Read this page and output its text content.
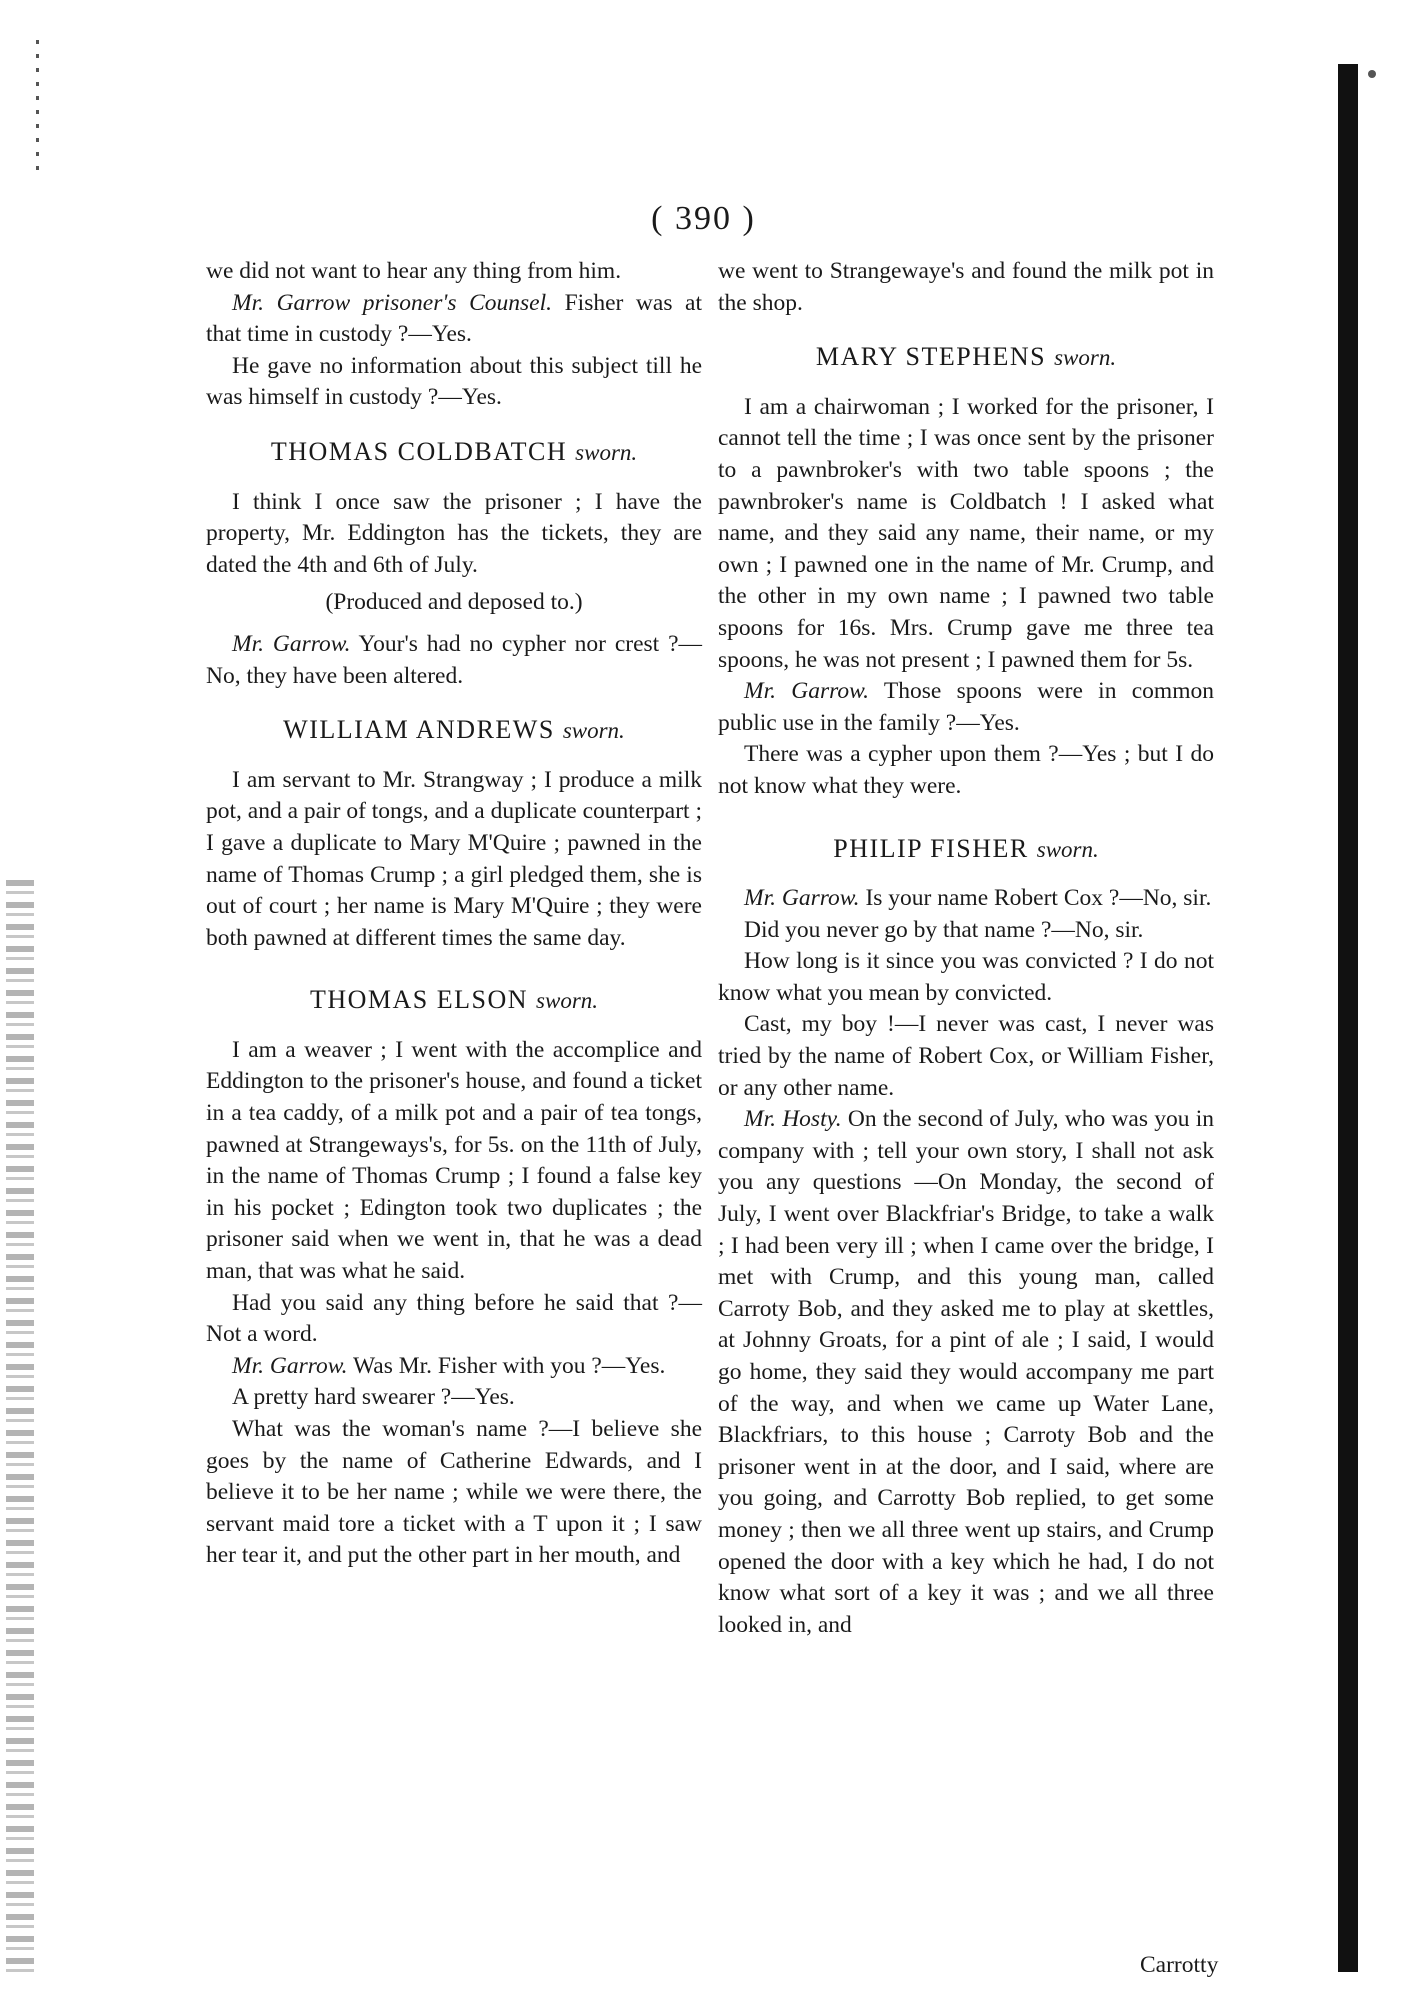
( 390 )

we did not want to hear any thing from him.

Mr. Garrow prisoner's Counsel. Fisher was at that time in custody ?—Yes.

He gave no information about this subject till he was himself in custody ?—Yes.

THOMAS COLDBATCH sworn.

I think I once saw the prisoner ; I have the property, Mr. Eddington has the tickets, they are dated the 4th and 6th of July.

(Produced and deposed to.)

Mr. Garrow. Your's had no cypher nor crest ?—No, they have been altered.

WILLIAM ANDREWS sworn.

I am servant to Mr. Strangway ; I produce a milk pot, and a pair of tongs, and a duplicate counterpart ; I gave a duplicate to Mary M'Quire ; pawned in the name of Thomas Crump ; a girl pledged them, she is out of court ; her name is Mary M'Quire ; they were both pawned at different times the same day.

THOMAS ELSON sworn.

I am a weaver ; I went with the accomplice and Eddington to the prisoner's house, and found a ticket in a tea caddy, of a milk pot and a pair of tea tongs, pawned at Strangeways's, for 5s. on the 11th of July, in the name of Thomas Crump ; I found a false key in his pocket ; Edington took two duplicates ; the prisoner said when we went in, that he was a dead man, that was what he said.

Had you said any thing before he said that ?—Not a word.

Mr. Garrow. Was Mr. Fisher with you ?—Yes.

A pretty hard swearer ?—Yes.

What was the woman's name ?—I believe she goes by the name of Catherine Edwards, and I believe it to be her name ; while we were there, the servant maid tore a ticket with a T upon it ; I saw her tear it, and put the other part in her mouth, and

we went to Strangewaye's and found the milk pot in the shop.

MARY STEPHENS sworn.

I am a chairwoman ; I worked for the prisoner, I cannot tell the time ; I was once sent by the prisoner to a pawnbroker's with two table spoons ; the pawnbroker's name is Coldbatch ! I asked what name, and they said any name, their name, or my own ; I pawned one in the name of Mr. Crump, and the other in my own name ; I pawned two table spoons for 16s. Mrs. Crump gave me three tea spoons, he was not present ; I pawned them for 5s.

Mr. Garrow. Those spoons were in common public use in the family ?—Yes.

There was a cypher upon them ?—Yes ; but I do not know what they were.

PHILIP FISHER sworn.

Mr. Garrow. Is your name Robert Cox ?—No, sir.

Did you never go by that name ?—No, sir.

How long is it since you was convicted ? I do not know what you mean by convicted.

Cast, my boy !—I never was cast, I never was tried by the name of Robert Cox, or William Fisher, or any other name.

Mr. Hosty. On the second of July, who was you in company with ; tell your own story, I shall not ask you any questions —On Monday, the second of July, I went over Blackfriar's Bridge, to take a walk ; I had been very ill ; when I came over the bridge, I met with Crump, and this young man, called Carroty Bob, and they asked me to play at skettles, at Johnny Groats, for a pint of ale ; I said, I would go home, they said they would accompany me part of the way, and when we came up Water Lane, Blackfriars, to this house ; Carroty Bob and the prisoner went in at the door, and I said, where are you going, and Carrotty Bob replied, to get some money ; then we all three went up stairs, and Crump opened the door with a key which he had, I do not know what sort of a key it was ; and we all three looked in, and

Carrotty
